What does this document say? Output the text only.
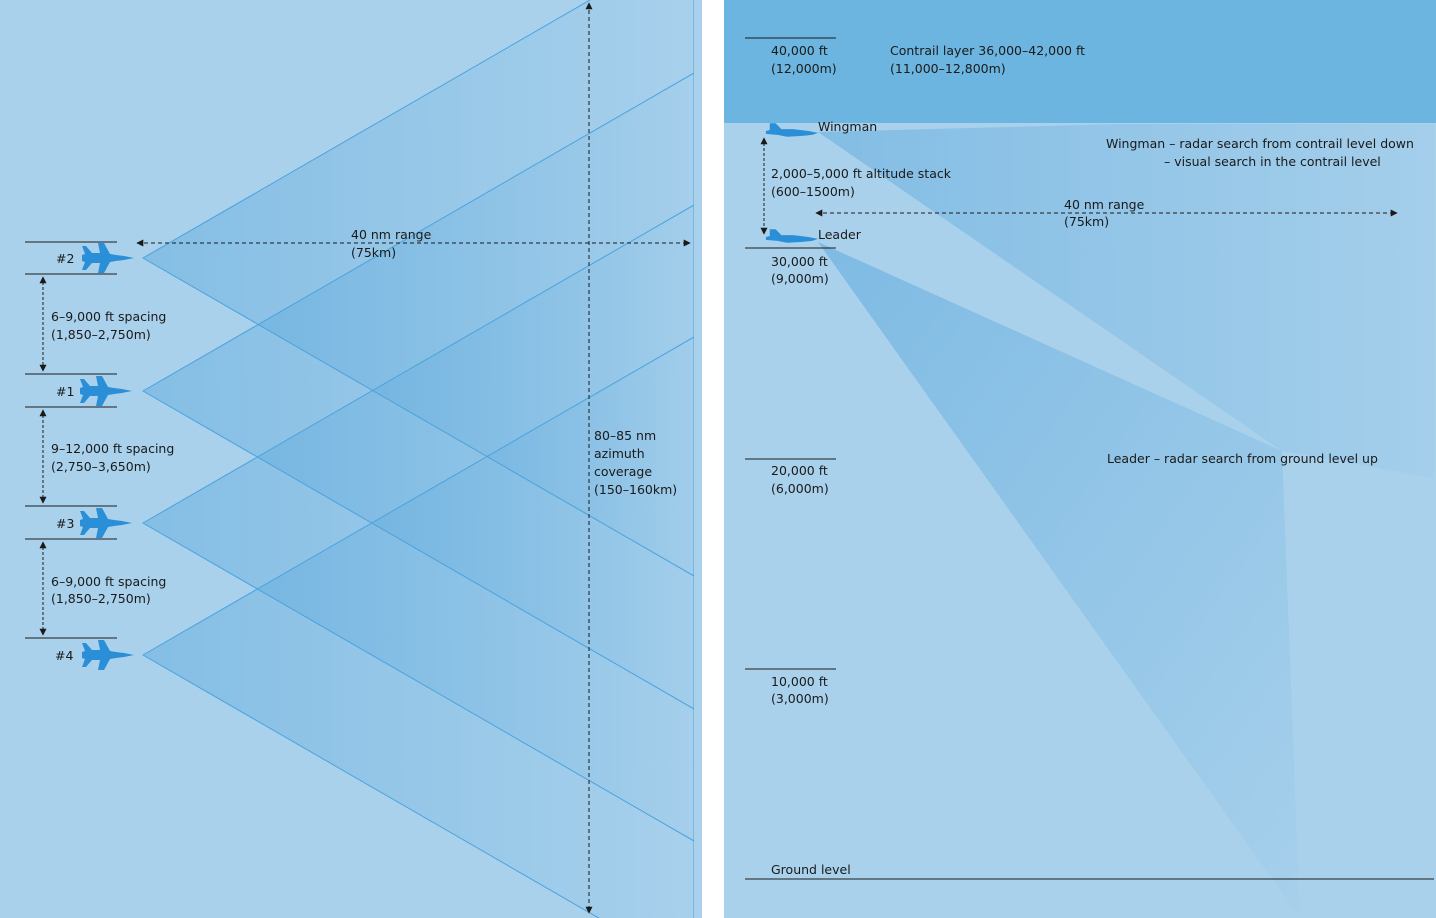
#2
#1
#3
#4
6–9,000 ft spacing
(1,850–2,750m)
9–12,000 ft spacing
(2,750–3,650m)
6–9,000 ft spacing
(1,850–2,750m)
40 nm range
(75km)
80–85 nm
azimuth
coverage
(150–160km)
40,000 ft
(12,000m)
30,000 ft
(9,000m)
20,000 ft
(6,000m)
10,000 ft
(3,000m)
Ground level
Contrail layer 36,000–42,000 ft
(11,000–12,800m)
Wingman
Leader
2,000–5,000 ft altitude stack
(600–1500m)
40 nm range
(75km)
Wingman – radar search from contrail level down
– visual search in the contrail level
Leader – radar search from ground level up
